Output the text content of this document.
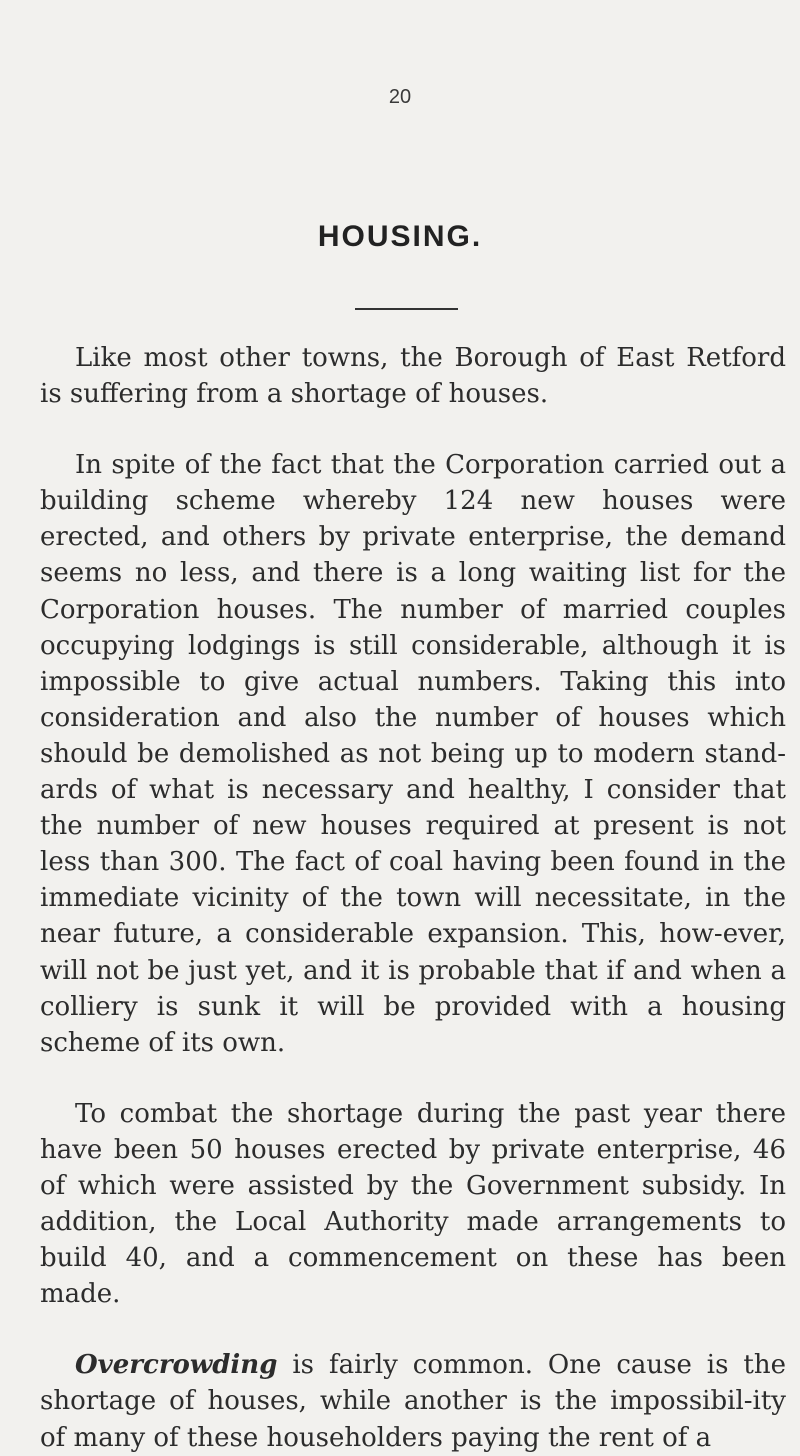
20
HOUSING.

Like most other towns, the Borough of East Retford is suffering from a shortage of houses.

In spite of the fact that the Corporation carried out a building scheme whereby 124 new houses were erected, and others by private enterprise, the demand seems no less, and there is a long waiting list for the Corporation houses. The number of married couples occupying lodgings is still considerable, although it is impossible to give actual numbers. Taking this into consideration and also the number of houses which should be demolished as not being up to modern stand-ards of what is necessary and healthy, I consider that the number of new houses required at present is not less than 300. The fact of coal having been found in the immediate vicinity of the town will necessitate, in the near future, a considerable expansion. This, how-ever, will not be just yet, and it is probable that if and when a colliery is sunk it will be provided with a housing scheme of its own.

To combat the shortage during the past year there have been 50 houses erected by private enterprise, 46 of which were assisted by the Government subsidy. In addition, the Local Authority made arrangements to build 40, and a commencement on these has been made.

Overcrowding is fairly common. One cause is the shortage of houses, while another is the impossibil-ity of many of these householders paying the rent of a
